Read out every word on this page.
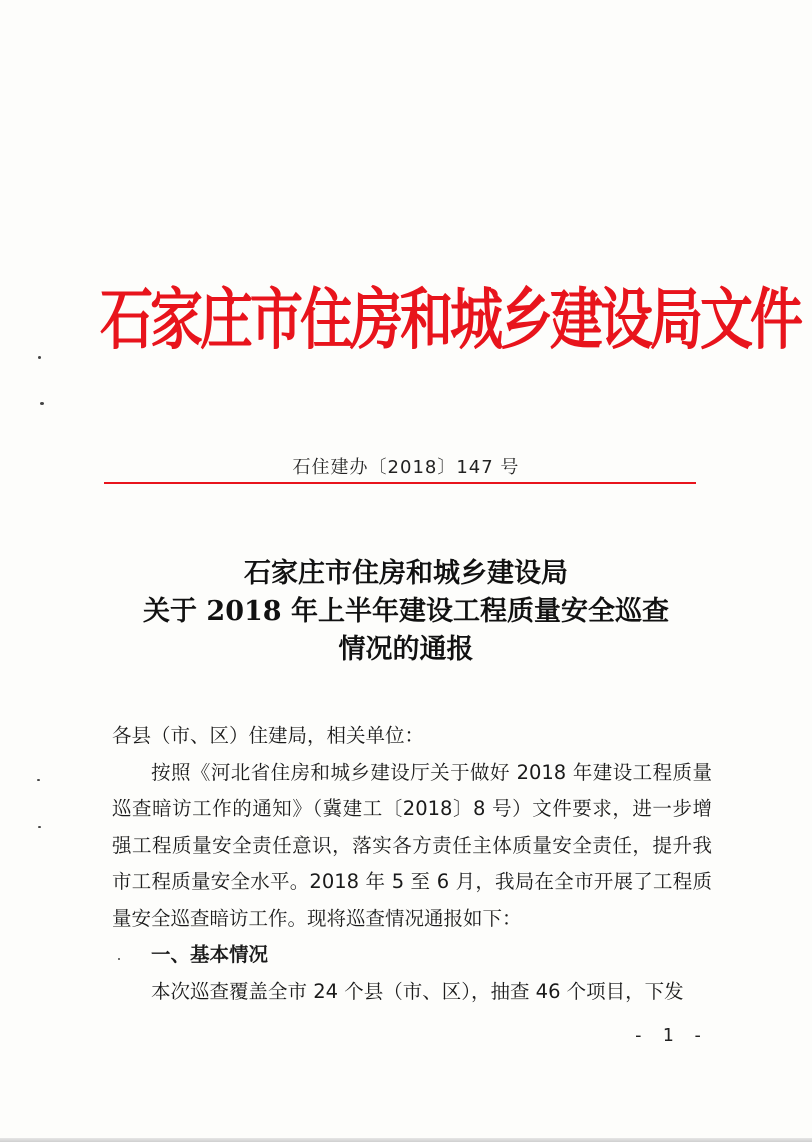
石家庄市住房和城乡建设局文件
石住建办〔2018〕147 号
石家庄市住房和城乡建设局
关于 2018 年上半年建设工程质量安全巡查
情况的通报

各县（市、区）住建局，相关单位：

按照《河北省住房和城乡建设厅关于做好 2018 年建设工程质量巡查暗访工作的通知》（冀建工〔2018〕8 号）文件要求，进一步增强工程质量安全责任意识，落实各方责任主体质量安全责任，提升我市工程质量安全水平。2018 年 5 至 6 月，我局在全市开展了工程质量安全巡查暗访工作。现将巡查情况通报如下：

一、基本情况

本次巡查覆盖全市 24 个县（市、区），抽查 46 个项目，下发

- 1 -
